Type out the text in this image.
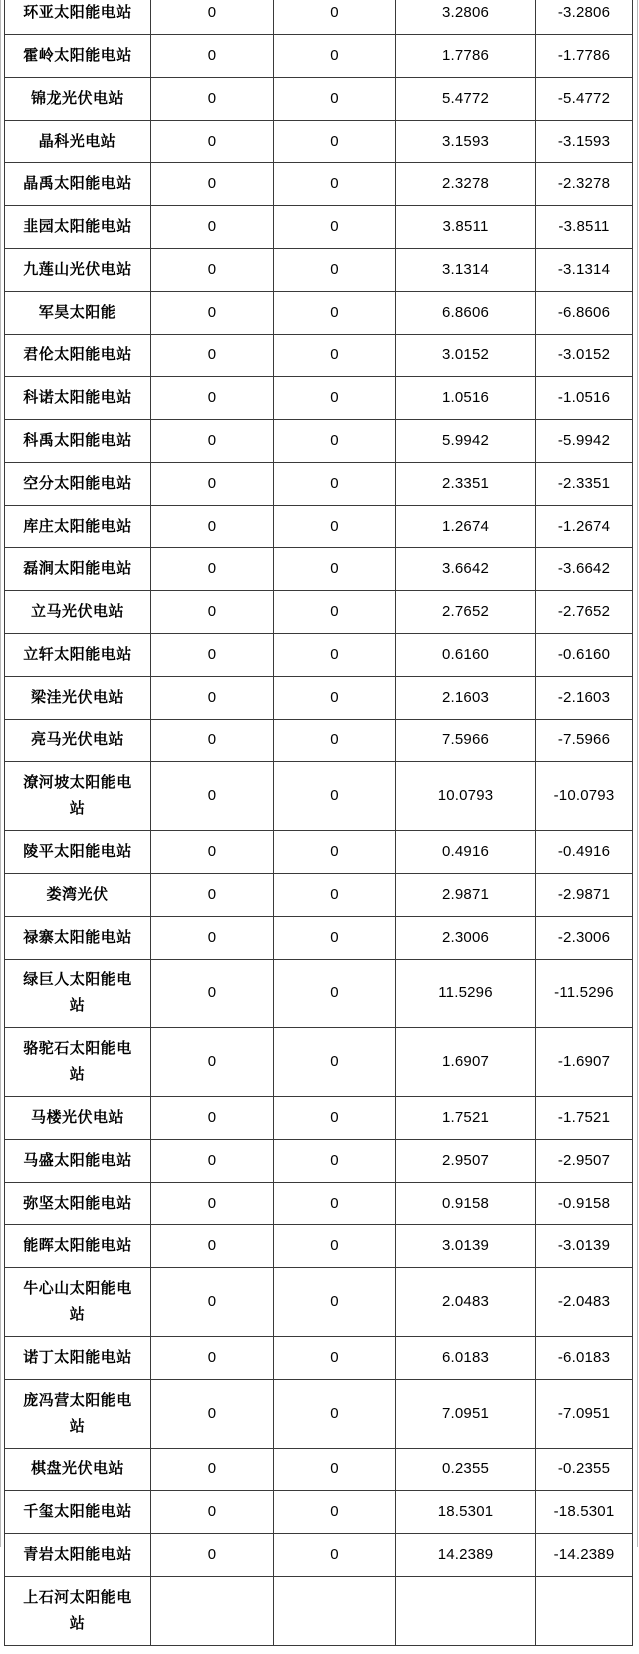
环亚太阳能电站	0	0	3.2806	-3.2806
霍岭太阳能电站	0	0	1.7786	-1.7786
锦龙光伏电站	0	0	5.4772	-5.4772
晶科光电站	0	0	3.1593	-3.1593
晶禹太阳能电站	0	0	2.3278	-2.3278
韭园太阳能电站	0	0	3.8511	-3.8511
九莲山光伏电站	0	0	3.1314	-3.1314
军昊太阳能	0	0	6.8606	-6.8606
君伦太阳能电站	0	0	3.0152	-3.0152
科诺太阳能电站	0	0	1.0516	-1.0516
科禹太阳能电站	0	0	5.9942	-5.9942
空分太阳能电站	0	0	2.3351	-2.3351
库庄太阳能电站	0	0	1.2674	-1.2674
磊涧太阳能电站	0	0	3.6642	-3.6642
立马光伏电站	0	0	2.7652	-2.7652
立轩太阳能电站	0	0	0.6160	-0.6160
梁洼光伏电站	0	0	2.1603	-2.1603
亮马光伏电站	0	0	7.5966	-7.5966
潦河坡太阳能电站	0	0	10.0793	-10.0793
陵平太阳能电站	0	0	0.4916	-0.4916
娄湾光伏	0	0	2.9871	-2.9871
禄寨太阳能电站	0	0	2.3006	-2.3006
绿巨人太阳能电站	0	0	11.5296	-11.5296
骆驼石太阳能电站	0	0	1.6907	-1.6907
马楼光伏电站	0	0	1.7521	-1.7521
马盛太阳能电站	0	0	2.9507	-2.9507
弥坚太阳能电站	0	0	0.9158	-0.9158
能晖太阳能电站	0	0	3.0139	-3.0139
牛心山太阳能电站	0	0	2.0483	-2.0483
诺丁太阳能电站	0	0	6.0183	-6.0183
庞冯营太阳能电站	0	0	7.0951	-7.0951
棋盘光伏电站	0	0	0.2355	-0.2355
千玺太阳能电站	0	0	18.5301	-18.5301
青岩太阳能电站	0	0	14.2389	-14.2389
上石河太阳能电站				
